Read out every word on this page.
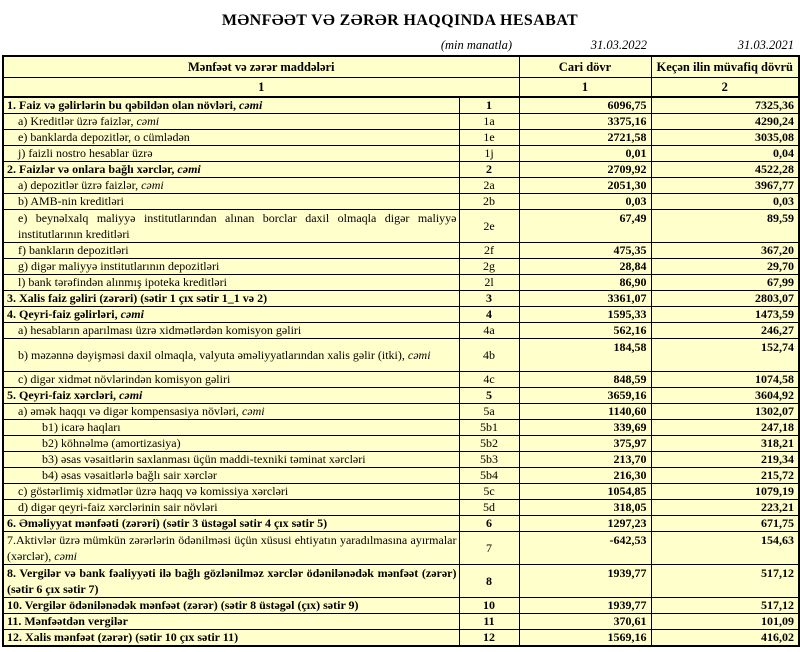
MƏNFƏƏT VƏ ZƏRƏR HAQQINDA HESABAT
(min manatla)	31.03.2022	31.03.2021
Mənfəət və zərər maddələri		Cari dövr	Keçən ilin müvafiq dövrü
1		1	2
1. Faiz və gəlirlərin bu qəbildən olan növləri, cəmi	1	6096,75	7325,36
a) Kreditlər üzrə faizlər, cəmi	1a	3375,16	4290,24
e) banklarda depozitlər, o cümlədən	1e	2721,58	3035,08
j) faizli nostro hesablar üzrə	1j	0,01	0,04
2. Faizlər və onlara bağlı xərclər, cəmi	2	2709,92	4522,28
a) depozitlər üzrə faizlər, cəmi	2a	2051,30	3967,77
b) AMB-nin kreditləri	2b	0,03	0,03
e) beynəlxalq maliyyə institutlarından alınan borclar daxil olmaqla digər maliyyə institutlarının kreditləri	2e	67,49	89,59
f) bankların depozitləri	2f	475,35	367,20
g) digər maliyyə institutlarının depozitləri	2g	28,84	29,70
l) bank tərəfindən alınmış ipoteka kreditləri	2l	86,90	67,99
3. Xalis faiz gəliri (zərəri) (sətir 1 çıx sətir 1_1 və 2)	3	3361,07	2803,07
4. Qeyri-faiz gəlirləri, cəmi	4	1595,33	1473,59
a) hesabların aparılması üzrə xidmətlərdən komisyon gəliri	4a	562,16	246,27
b) məzənnə dəyişməsi daxil olmaqla, valyuta əməliyyatlarından xalis gəlir (itki), cəmi	4b	184,58	152,74
c) digər xidmət növlərindən komisyon gəliri	4c	848,59	1074,58
5. Qeyri-faiz xərcləri, cəmi	5	3659,16	3604,92
a) əmək haqqı və digər kompensasiya növləri, cəmi	5a	1140,60	1302,07
b1) icarə haqları	5b1	339,69	247,18
b2) köhnəlmə (amortizasiya)	5b2	375,97	318,21
b3) əsas vəsaitlərin saxlanması üçün maddi-texniki təminat xərcləri	5b3	213,70	219,34
b4) əsas vəsaitlərlə bağlı sair xərclər	5b4	216,30	215,72
c) göstərlimiş xidmətlər üzrə haqq və komissiya xərcləri	5c	1054,85	1079,19
d) digər qeyri-faiz xərclərinin sair növləri	5d	318,05	223,21
6. Əməliyyat mənfəəti (zərəri) (sətir 3 üstəgəl sətir 4 çıx sətir 5)	6	1297,23	671,75
7.Aktivlər üzrə mümkün zərərlərin ödənilməsi üçün xüsusi ehtiyatın yaradılmasına ayırmalar (xərclər), cəmi	7	-642,53	154,63
8. Vergilər və bank fəaliyyəti ilə bağlı gözlənilməz xərclər ödənilənədək mənfəət (zərər) (sətir 6 çıx sətir 7)	8	1939,77	517,12
10. Vergilər ödənilənədək mənfəət (zərər) (sətir 8 üstəgəl (çıx) sətir 9)	10	1939,77	517,12
11. Mənfəətdən vergilər	11	370,61	101,09
12. Xalis mənfəət (zərər) (sətir 10 çıx sətir 11)	12	1569,16	416,02
